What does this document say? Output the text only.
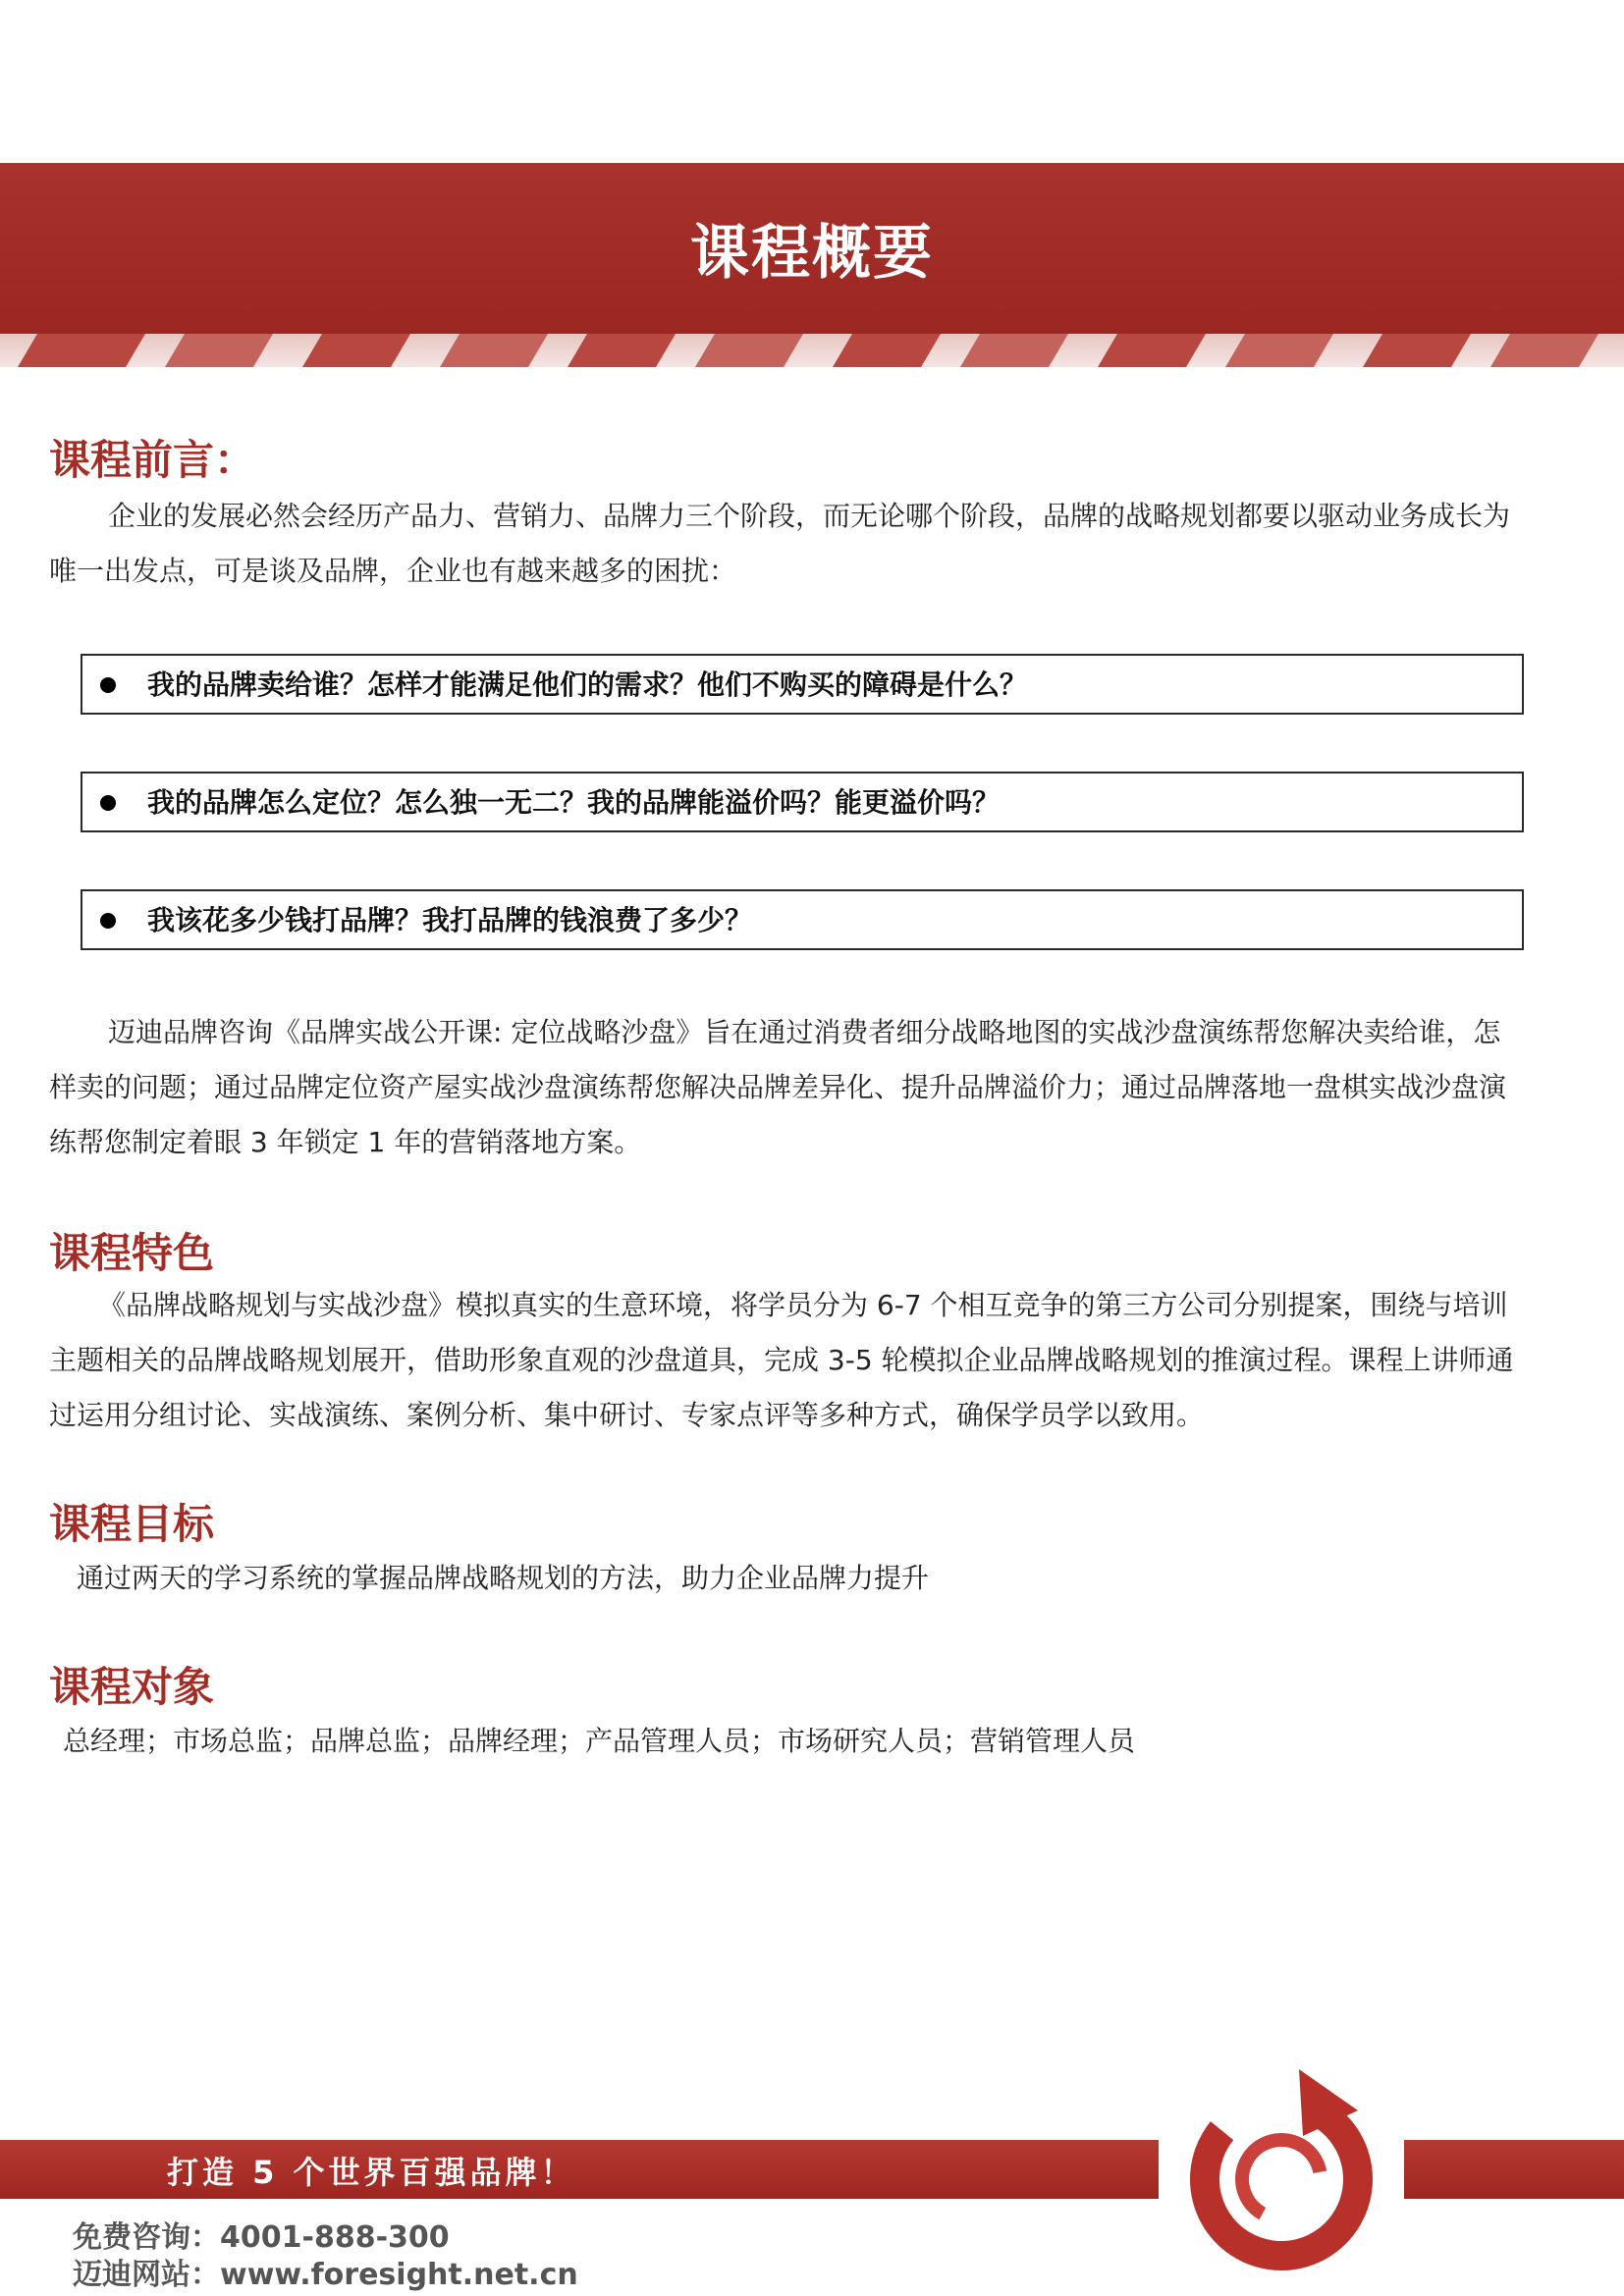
课程概要
课程前言：

企业的发展必然会经历产品力、营销力、品牌力三个阶段，而无论哪个阶段，品牌的战略规划都要以驱动业务成长为唯一出发点，可是谈及品牌，企业也有越来越多的困扰：

我的品牌卖给谁？怎样才能满足他们的需求？他们不购买的障碍是什么？
我的品牌怎么定位？怎么独一无二？我的品牌能溢价吗？能更溢价吗？
我该花多少钱打品牌？我打品牌的钱浪费了多少？

迈迪品牌咨询《品牌实战公开课: 定位战略沙盘》旨在通过消费者细分战略地图的实战沙盘演练帮您解决卖给谁，怎样卖的问题；通过品牌定位资产屋实战沙盘演练帮您解决品牌差异化、提升品牌溢价力；通过品牌落地一盘棋实战沙盘演练帮您制定着眼 3 年锁定 1 年的营销落地方案。

课程特色

《品牌战略规划与实战沙盘》模拟真实的生意环境，将学员分为 6-7 个相互竞争的第三方公司分别提案，围绕与培训主题相关的品牌战略规划展开，借助形象直观的沙盘道具，完成 3-5 轮模拟企业品牌战略规划的推演过程。课程上讲师通过运用分组讨论、实战演练、案例分析、集中研讨、专家点评等多种方式，确保学员学以致用。

课程目标

通过两天的学习系统的掌握品牌战略规划的方法，助力企业品牌力提升

课程对象

总经理；市场总监；品牌总监；品牌经理；产品管理人员；市场研究人员；营销管理人员

打造 5 个世界百强品牌！
免费咨询：4001-888-300
迈迪网站：www.foresight.net.cn
